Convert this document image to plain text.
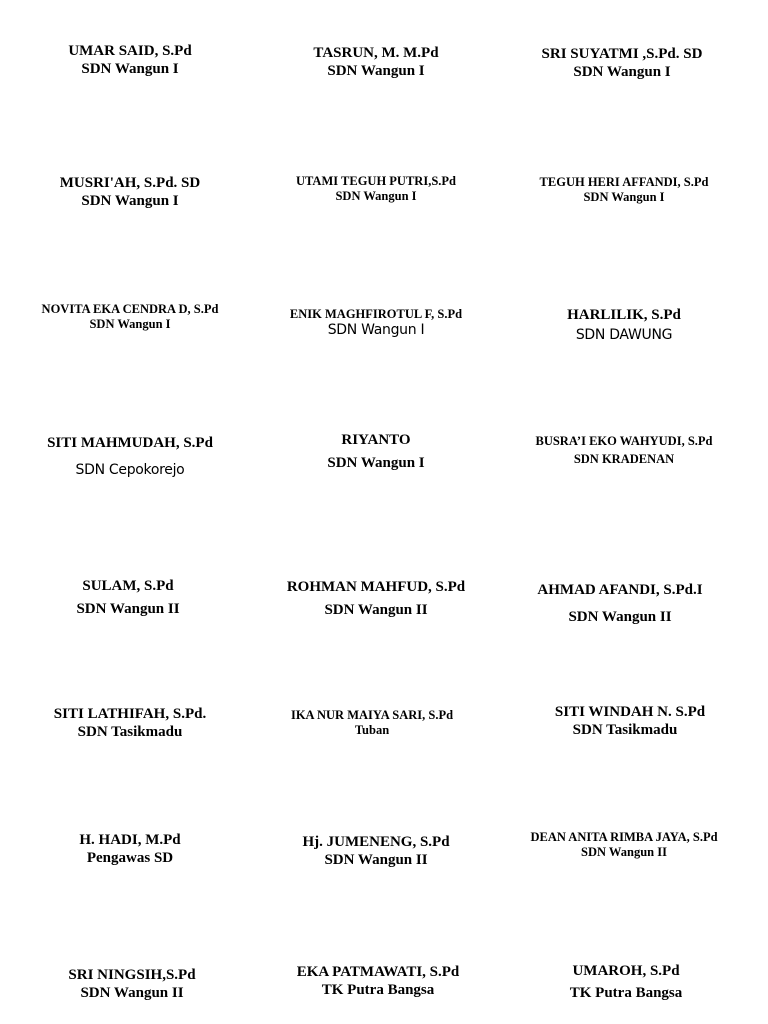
UMAR SAID, S.Pd
SDN Wangun I
TASRUN, M. M.Pd
SDN Wangun I
SRI SUYATMI ,S.Pd. SD
SDN Wangun I
MUSRI'AH, S.Pd. SD
SDN Wangun I
UTAMI TEGUH PUTRI,S.Pd
SDN Wangun I
TEGUH HERI AFFANDI, S.Pd
SDN Wangun I
NOVITA EKA CENDRA D, S.Pd
SDN Wangun I
ENIK MAGHFIROTUL F, S.Pd
SDN Wangun I
HARLILIK, S.Pd
SDN DAWUNG
SITI MAHMUDAH, S.Pd
SDN Cepokorejo
RIYANTO
SDN Wangun I
BUSRA’I EKO WAHYUDI, S.Pd
SDN KRADENAN
SULAM, S.Pd
SDN Wangun II
ROHMAN MAHFUD, S.Pd
SDN Wangun II
AHMAD AFANDI, S.Pd.I
SDN Wangun II
SITI LATHIFAH, S.Pd.
SDN Tasikmadu
IKA NUR MAIYA SARI, S.Pd
Tuban
SITI WINDAH N. S.Pd
SDN Tasikmadu
H. HADI, M.Pd
Pengawas SD
Hj. JUMENENG, S.Pd
SDN Wangun II
DEAN ANITA RIMBA JAYA, S.Pd
SDN Wangun II
SRI NINGSIH,S.Pd
SDN Wangun II
EKA PATMAWATI, S.Pd
TK Putra Bangsa
UMAROH, S.Pd
TK Putra Bangsa
